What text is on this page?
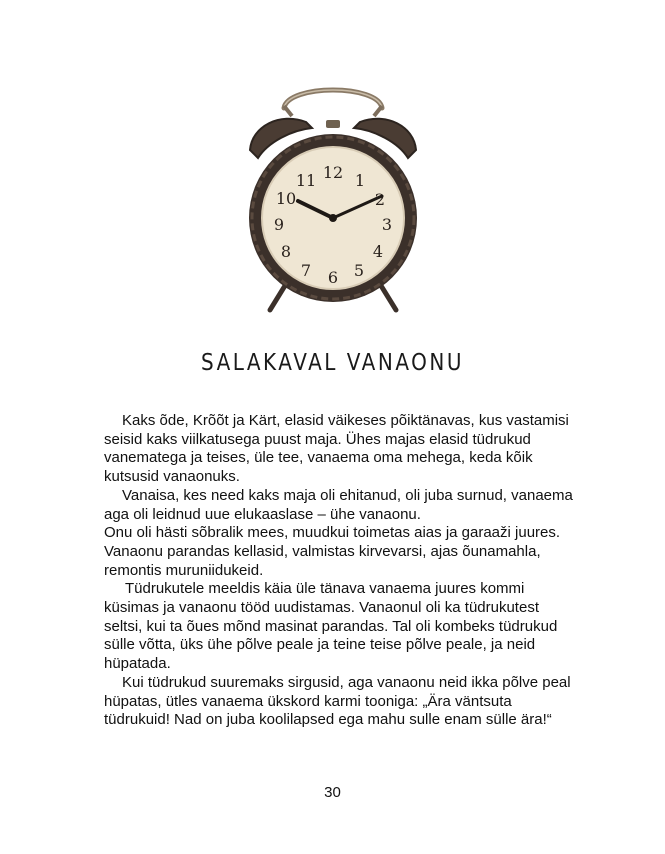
12 1
2
3
4
5
6
7
8
9
10
11
SALAKAVAL VANAONU

Kaks õde, Krõõt ja Kärt, elasid väikeses põiktänavas, kus vastamisi seisid kaks viilkatusega puust maja. Ühes majas elasid tüdrukud vanematega ja teises, üle tee, vanaema oma mehega, keda kõik kutsusid vanaonuks.

Vanaisa, kes need kaks maja oli ehitanud, oli juba surnud, vanaema aga oli leidnud uue elukaaslase – ühe vanaonu.

Onu oli hästi sõbralik mees, muudkui toimetas aias ja garaaži juures. Vanaonu parandas kellasid, valmistas kirvevarsi, ajas õunamahla, remontis muruniidukeid.

Tüdrukutele meeldis käia üle tänava vanaema juures kommi küsimas ja vanaonu tööd uudistamas. Vanaonul oli ka tüdrukutest seltsi, kui ta õues mõnd masinat parandas. Tal oli kombeks tüdrukud sülle võtta, üks ühe põlve peale ja teine teise põlve peale, ja neid hüpatada.

Kui tüdrukud suuremaks sirgusid, aga vanaonu neid ikka põlve peal hüpatas, ütles vanaema ükskord karmi tooniga: „Ära väntsuta tüdrukuid! Nad on juba koolilapsed ega mahu sulle enam sülle ära!“

30
